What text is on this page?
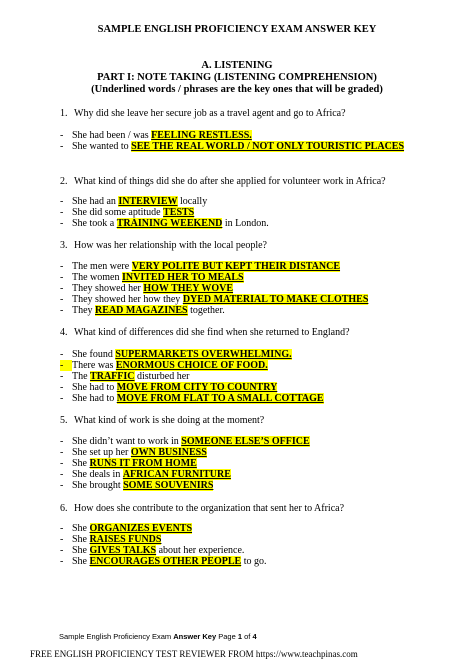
SAMPLE ENGLISH PROFICIENCY EXAM ANSWER KEY
A. LISTENING
PART I: NOTE TAKING (LISTENING COMPREHENSION)
(Underlined words / phrases are the key ones that will be graded)
1. Why did she leave her secure job as a travel agent and go to Africa?
- She had been / was FEELING RESTLESS.
- She wanted to SEE THE REAL WORLD / NOT ONLY TOURISTIC PLACES
2. What kind of things did she do after she applied for volunteer work in Africa?
- She had an INTERVIEW locally
- She did some aptitude TESTS
- She took a TRAINING WEEKEND in London.
3. How was her relationship with the local people?
- The men were VERY POLITE BUT KEPT THEIR DISTANCE
- The women INVITED HER TO MEALS
- They showed her HOW THEY WOVE
- They showed her how they DYED MATERIAL TO MAKE CLOTHES
- They READ MAGAZINES together.
4. What kind of differences did she find when she returned to England?
- She found SUPERMARKETS OVERWHELMING.
- There was ENORMOUS CHOICE OF FOOD.
- The TRAFFIC disturbed her
- She had to MOVE FROM CITY TO COUNTRY
- She had to MOVE FROM FLAT TO A SMALL COTTAGE
5. What kind of work is she doing at the moment?
- She didn’t want to work in SOMEONE ELSE’S OFFICE
- She set up her OWN BUSINESS
- She RUNS IT FROM HOME
- She deals in AFRICAN FURNITURE
- She brought SOME SOUVENIRS
6. How does she contribute to the organization that sent her to Africa?
- She ORGANIZES EVENTS
- She RAISES FUNDS
- She GIVES TALKS about her experience.
- She ENCOURAGES OTHER PEOPLE to go.
Sample English Proficiency Exam Answer Key Page 1 of 4
FREE ENGLISH PROFICIENCY TEST REVIEWER FROM https://www.teachpinas.com
